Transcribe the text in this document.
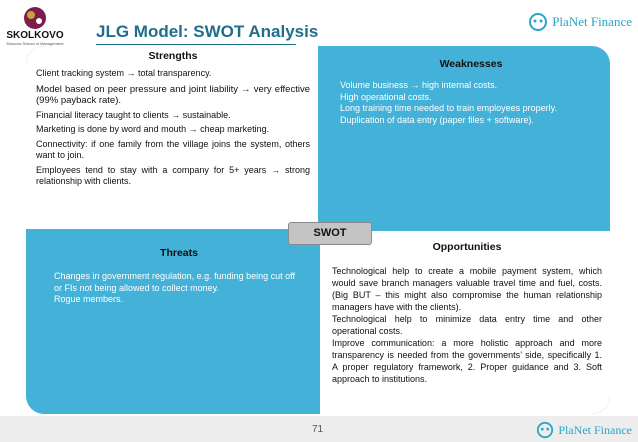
SKOLKOVO
Moscow School of Management
JLG Model: SWOT Analysis
PlaNet Finance
Strengths

Client tracking system → total transparency.

Model based on peer pressure and joint liability → very effective (99% payback rate).

Financial literacy taught to clients → sustainable.

Marketing is done by word and mouth → cheap marketing.

Connectivity: if one family from the village joins the system, others want to join.

Employees tend to stay with a company for 5+ years → strong relationship with clients.

Weaknesses

Volume business → high internal costs.

High operational costs.

Long training time needed to train employees properly.

Duplication of data entry (paper files + software).

Threats

Changes in government regulation, e.g. funding being cut off or FIs not being allowed to collect money.

Rogue members.

Opportunities

Technological help to create a mobile payment system, which would save branch managers valuable travel time and fuel, costs. (Big BUT – this might also compromise the human relationship managers have with the clients).

Technological help to minimize data entry time and other operational costs.

Improve communication: a more holistic approach and more transparency is needed from the governments’ side, specifically 1. A proper regulatory framework, 2. Proper guidance and 3. Soft approach to institutions.

SWOT
71	PlaNet Finance
